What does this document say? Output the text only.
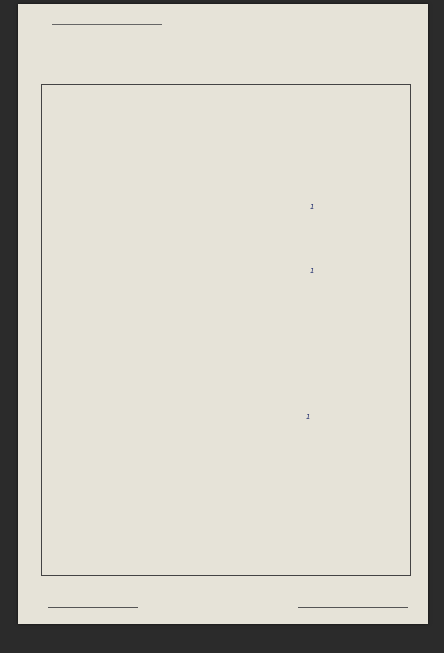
1
1
1
